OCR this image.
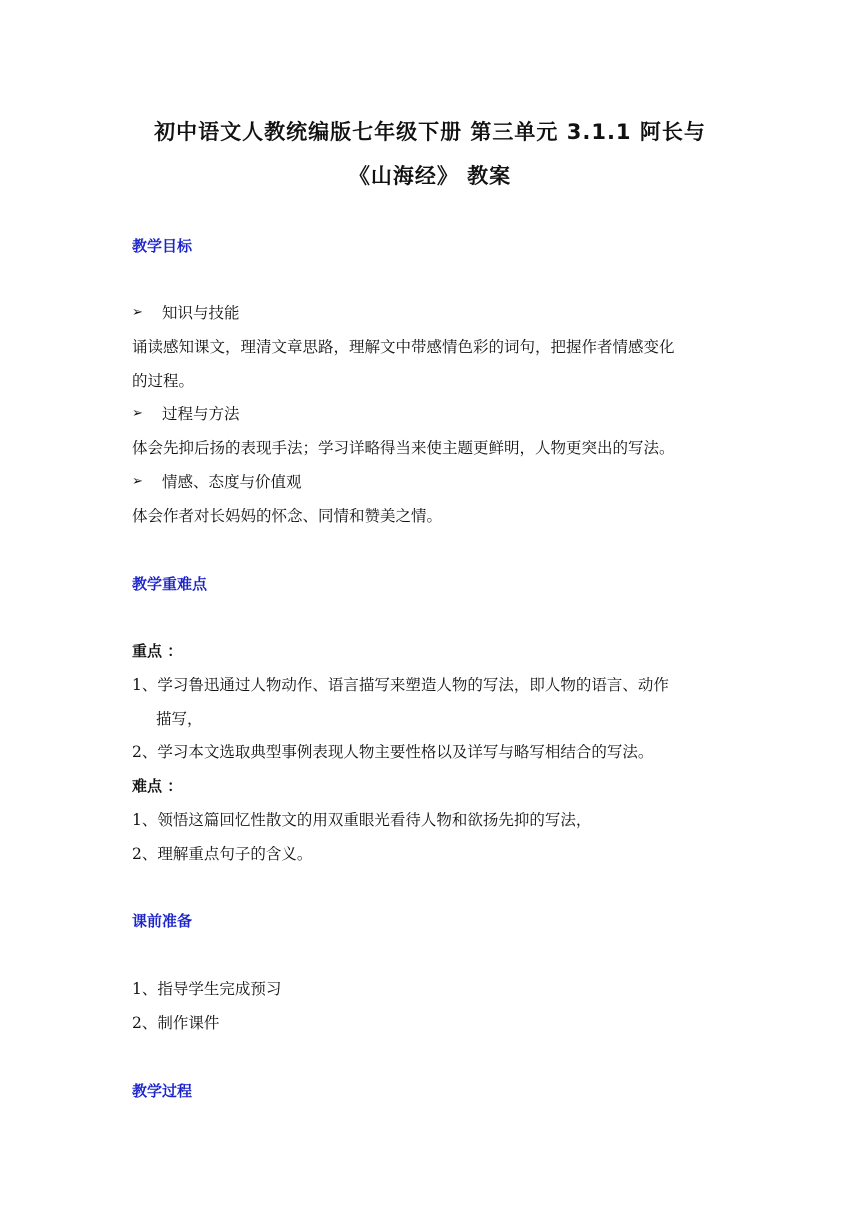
初中语文人教统编版七年级下册 第三单元 3.1.1 阿长与
《山海经》 教案
教学目标
➢	知识与技能
诵读感知课文，理清文章思路，理解文中带感情色彩的词句，把握作者情感变化
的过程。
➢	过程与方法
体会先抑后扬的表现手法；学习详略得当来使主题更鲜明，人物更突出的写法。
➢	情感、态度与价值观
体会作者对长妈妈的怀念、同情和赞美之情。
教学重难点
重点 ：
1、学习鲁迅通过人物动作、语言描写来塑造人物的写法，即人物的语言、动作
描写，
2、学习本文选取典型事例表现人物主要性格以及详写与略写相结合的写法。
难点 ：
1、领悟这篇回忆性散文的用双重眼光看待人物和欲扬先抑的写法，
2、理解重点句子的含义。
课前准备
1、指导学生完成预习
2、制作课件
教学过程
